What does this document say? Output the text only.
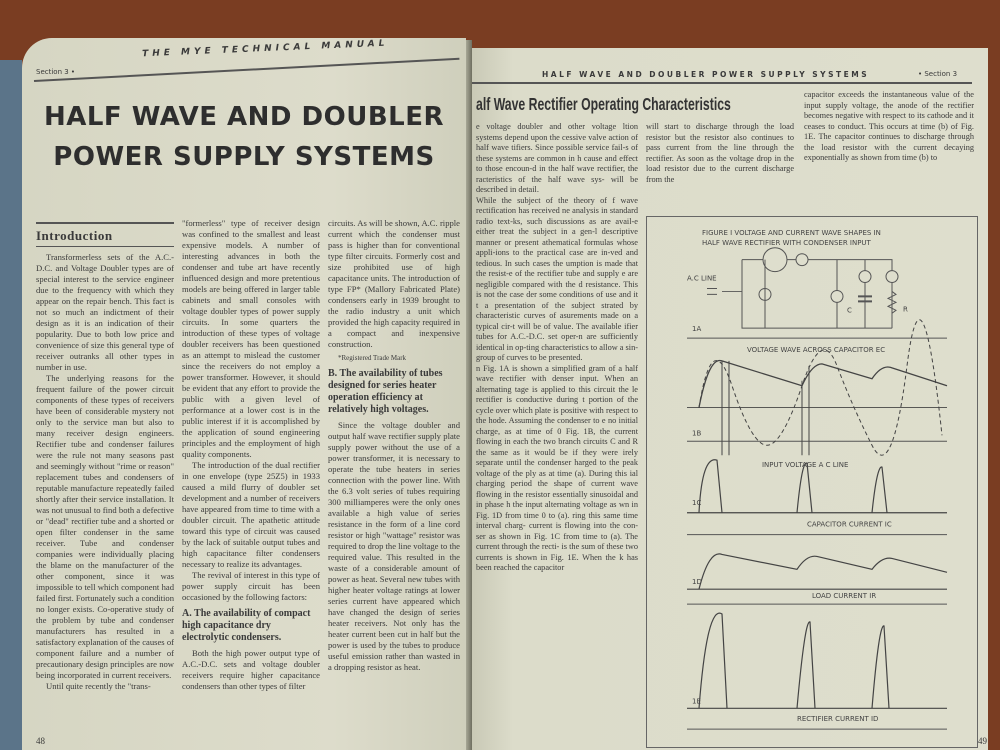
THE MYE TECHNICAL MANUAL
Section 3 •
HALF WAVE AND DOUBLER
POWER SUPPLY SYSTEMS
Introduction

Transformerless sets of the A.C.-D.C. and Voltage Doubler types are of special interest to the service engineer due to the frequency with which they appear on the repair bench. This fact is not so much an indictment of their design as it is an indication of their popularity. Due to both low price and convenience of size this general type of receiver outranks all other types in number in use.

The underlying reasons for the frequent failure of the power circuit components of these types of receivers have been of considerable mystery not only to the service man but also to many receiver design engineers. Rectifier tube and condenser failures were the rule not many seasons past and seemingly without "rime or reason" replacement tubes and condensers of reputable manufacture repeatedly failed shortly after their service installation. It was not unusual to find both a defective or "dead" rectifier tube and a shorted or open filter condenser in the same receiver. Tube and condenser companies were individually placing the blame on the manufacturer of the other component, since it was impossible to tell which component had failed first. Fortunately such a condition no longer exists. Co-operative study of the problem by tube and condenser manufacturers has resulted in a satisfactory explanation of the causes of component failure and a number of precautionary design principles are now being incorporated in current receivers.

Until quite recently the "trans-

"formerless" type of receiver design was confined to the smallest and least expensive models. A number of interesting advances in both the condenser and tube art have recently influenced design and more pretentious models are being offered in larger table cabinets and small consoles with voltage doubler types of power supply circuits. In some quarters the introduction of these types of voltage doubler receivers has been questioned as an attempt to mislead the customer since the receivers do not employ a power transformer. However, it should be evident that any effort to provide the public with a given level of performance at a lower cost is in the public interest if it is accomplished by the application of sound engineering principles and the employment of high quality components.

The introduction of the dual rectifier in one envelope (type 25Z5) in 1933 caused a mild flurry of doubler set development and a number of receivers have appeared from time to time with a doubler circuit. The apathetic attitude toward this type of circuit was caused by the lack of suitable output tubes and high capacitance filter condensers necessary to realize its advantages.

The revival of interest in this type of power supply circuit has been occasioned by the following factors:

A. The availability of compact high capacitance dry electrolytic condensers.

Both the high power output type of A.C.-D.C. sets and voltage doubler receivers require higher capacitance condensers than other types of filter

circuits. As will be shown, A.C. ripple current which the condenser must pass is higher than for conventional type filter circuits. Formerly cost and size prohibited use of high capacitance units. The introduction of type FP* (Mallory Fabricated Plate) condensers early in 1939 brought to the radio industry a unit which provided the high capacity required in a compact and inexpensive construction.

*Registered Trade Mark

B. The availability of tubes designed for series heater operation efficiency at relatively high voltages.

Since the voltage doubler and output half wave rectifier supply plate supply power without the use of a power transformer, it is necessary to operate the tube heaters in series connection with the power line. With the 6.3 volt series of tubes requiring 300 milliamperes were the only ones available a high value of series resistance in the form of a line cord resistor or high "wattage" resistor was required to drop the line voltage to the required value. This resulted in the waste of a considerable amount of power as heat. Several new tubes with higher heater voltage ratings at lower series current have appeared which have changed the design of series heater receivers. Not only has the heater current been cut in half but the power is used by the tubes to produce useful emission rather than wasted in a dropping resistor as heat.

48
HALF WAVE AND DOUBLER POWER SUPPLY SYSTEMS	• Section 3
alf Wave Rectifier Operating Characteristics

e voltage doubler and other voltage ltion systems depend upon the cessive valve action of half wave tifiers. Since possible service fail-s of these systems are common in h cause and effect to those encoun-d in the half wave rectifier, the racteristics of the half wave sys- will be described in detail.

While the subject of the theory of f wave rectification has received ne analysis in standard radio text-ks, such discussions as are avail-e either treat the subject in a gen-l descriptive manner or present athematical formulas whose appli-ions to the practical case are in-ved and tedious. In such cases the umption is made that the resist-e of the rectifier tube and supply e are negligible compared with the d resistance. This is not the case der some conditions of use and it t a presentation of the subject strated by characteristic curves of asurements made on a typical cir-t will be of value. The available ifier tubes for A.C.-D.C. set oper-n are sufficiently identical in op-ting characteristics to allow a sin- group of curves to be presented.

n Fig. 1A is shown a simplified gram of a half wave rectifier with denser input. When an alternating tage is applied to this circuit the le rectifier is conductive during t portion of the cycle over which plate is positive with respect to the hode. Assuming the condenser to e no initial charge, as at time of 0 Fig. 1B, the current flowing in each the two branch circuits C and R the same as it would be if they were irely separate until the condenser harged to the peak voltage of the ply as at time (a). During this ial charging period the shape of current wave flowing in the resistor essentially sinusoidal and in phase h the input alternating voltage as wn in Fig. 1D from time 0 to (a). ring this same time interval charg- current is flowing into the con-ser as shown in Fig. 1C from time to (a). The current through the recti- is the sum of these two currents is shown in Fig. 1E. When the k has been reached the capacitor

will start to discharge through the load resistor but the resistor also continues to pass current from the line through the rectifier. As soon as the voltage drop in the load resistor due to the current discharge from the

capacitor exceeds the instantaneous value of the input supply voltage, the anode of the rectifier becomes negative with respect to its cathode and it ceases to conduct. This occurs at time (b) of Fig. 1E. The capacitor continues to discharge through the load resistor with the current decaying exponentially as shown from time (b) to

FIGURE I VOLTAGE AND CURRENT WAVE SHAPES IN
HALF WAVE RECTIFIER WITH CONDENSER INPUT
A.C LINE
C	R
1A
VOLTAGE WAVE ACROSS CAPACITOR EC
1B
INPUT VOLTAGE A C LINE
1C
CAPACITOR CURRENT IC
1D
LOAD CURRENT IR
1E
RECTIFIER CURRENT ID
49
